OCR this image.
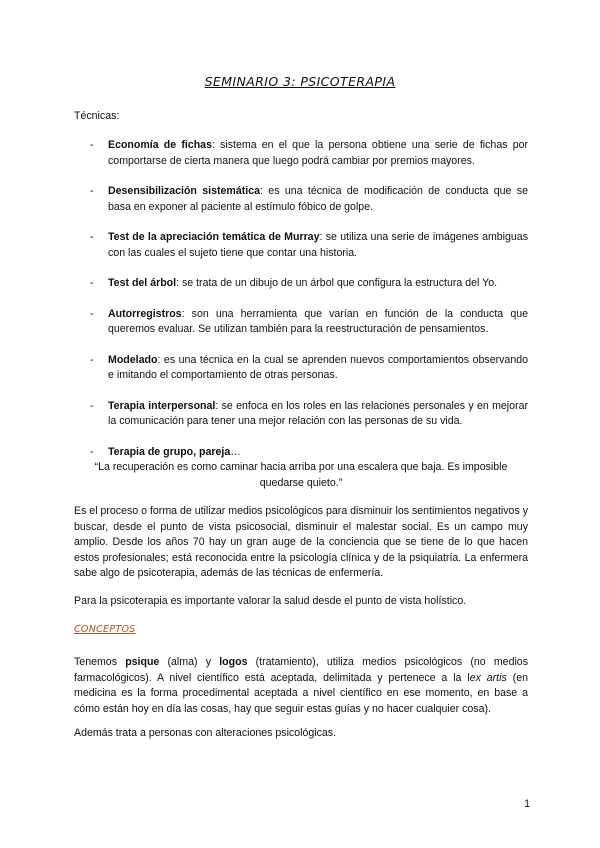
SEMINARIO 3: PSICOTERAPIA
Técnicas:
- Economía de fichas: sistema en el que la persona obtiene una serie de fichas por comportarse de cierta manera que luego podrá cambiar por premios mayores.
- Desensibilización sistemática: es una técnica de modificación de conducta que se basa en exponer al paciente al estímulo fóbico de golpe.
- Test de la apreciación temática de Murray: se utiliza una serie de imágenes ambiguas con las cuales el sujeto tiene que contar una historia.
- Test del árbol: se trata de un dibujo de un árbol que configura la estructura del Yo.
- Autorregistros: son una herramienta que varían en función de la conducta que queremos evaluar. Se utilizan también para la reestructuración de pensamientos.
- Modelado: es una técnica en la cual se aprenden nuevos comportamientos observando e imitando el comportamiento de otras personas.
- Terapia interpersonal: se enfoca en los roles en las relaciones personales y en mejorar la comunicación para tener una mejor relación con las personas de su vida.
- Terapia de grupo, pareja…
“La recuperación es como caminar hacia arriba por una escalera que baja. Es imposible quedarse quieto.”

Es el proceso o forma de utilizar medios psicológicos para disminuir los sentimientos negativos y buscar, desde el punto de vista psicosocial, disminuir el malestar social. Es un campo muy amplio. Desde los años 70 hay un gran auge de la conciencia que se tiene de lo que hacen estos profesionales; está reconocida entre la psicología clínica y de la psiquiatría. La enfermera sabe algo de psicoterapia, además de las técnicas de enfermería.

Para la psicoterapia es importante valorar la salud desde el punto de vista holístico.

CONCEPTOS

Tenemos psique (alma) y logos (tratamiento), utiliza medios psicológicos (no medios farmacológicos). A nivel científico está aceptada, delimitada y pertenece a la lex artis (en medicina es la forma procedimental aceptada a nivel científico en ese momento, en base a cómo están hoy en día las cosas, hay que seguir estas guías y no hacer cualquier cosa).

Además trata a personas con alteraciones psicológicas.

1
